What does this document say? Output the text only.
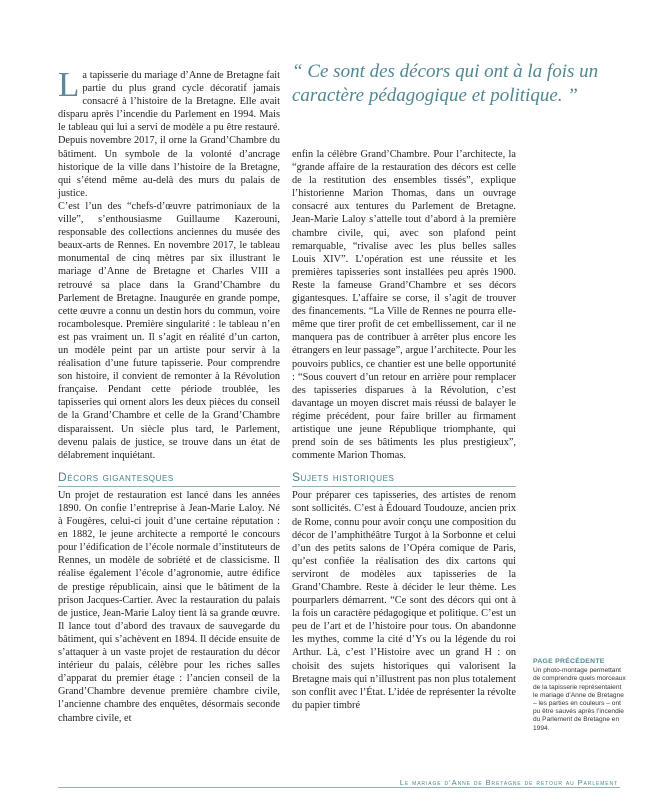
“ Ce sont des décors qui ont à la fois un caractère pédagogique et politique. ”

La tapisserie du mariage d’Anne de Bretagne fait partie du plus grand cycle décoratif jamais consacré à l’histoire de la Bretagne. Elle avait disparu après l’incendie du Parlement en 1994. Mais le tableau qui lui a servi de modèle a pu être restauré. Depuis novembre 2017, il orne la Grand’Chambre du bâtiment. Un symbole de la volonté d’ancrage historique de la ville dans l’histoire de la Bretagne, qui s’étend même au-delà des murs du palais de justice.

C’est l’un des “chefs-d’œuvre patrimoniaux de la ville”, s’enthousiasme Guillaume Kazerouni, responsable des collections anciennes du musée des beaux-arts de Rennes. En novembre 2017, le tableau monumental de cinq mètres par six illustrant le mariage d’Anne de Bretagne et Charles VIII a retrouvé sa place dans la Grand’Chambre du Parlement de Bretagne. Inaugurée en grande pompe, cette œuvre a connu un destin hors du commun, voire rocambolesque. Première singularité : le tableau n’en est pas vraiment un. Il s’agit en réalité d’un carton, un modèle peint par un artiste pour servir à la réalisation d’une future tapisserie. Pour comprendre son histoire, il convient de remonter à la Révolution française. Pendant cette période troublée, les tapisseries qui ornent alors les deux pièces du conseil de la Grand’Chambre et celle de la Grand’Chambre disparaissent. Un siècle plus tard, le Parlement, devenu palais de justice, se trouve dans un état de délabrement inquiétant.

Décors gigantesques

Un projet de restauration est lancé dans les années 1890. On confie l’entreprise à Jean-Marie Laloy. Né à Fougères, celui-ci jouit d’une certaine réputation : en 1882, le jeune architecte a remporté le concours pour l’édification de l’école normale d’instituteurs de Rennes, un modèle de sobriété et de classicisme. Il réalise également l’école d’agronomie, autre édifice de prestige républicain, ainsi que le bâtiment de la prison Jacques-Cartier. Avec la restauration du palais de justice, Jean-Marie Laloy tient là sa grande œuvre. Il lance tout d’abord des travaux de sauvegarde du bâtiment, qui s’achèvent en 1894. Il décide ensuite de s’attaquer à un vaste projet de restauration du décor intérieur du palais, célèbre pour les riches salles d’apparat du premier étage : l’ancien conseil de la Grand’Chambre devenue première chambre civile, l’ancienne chambre des enquêtes, désormais seconde chambre civile, et

enfin la célèbre Grand’Chambre. Pour l’architecte, la “grande affaire de la restauration des décors est celle de la restitution des ensembles tissés”, explique l’historienne Marion Thomas, dans un ouvrage consacré aux tentures du Parlement de Bretagne. Jean-Marie Laloy s’attelle tout d’abord à la première chambre civile, qui, avec son plafond peint remarquable, “rivalise avec les plus belles salles Louis XIV”. L’opération est une réussite et les premières tapisseries sont installées peu après 1900. Reste la fameuse Grand’Chambre et ses décors gigantesques. L’affaire se corse, il s’agit de trouver des financements. “La Ville de Rennes ne pourra elle-même que tirer profit de cet embellissement, car il ne manquera pas de contribuer à arrêter plus encore les étrangers en leur passage”, argue l’architecte. Pour les pouvoirs publics, ce chantier est une belle opportunité : “Sous couvert d’un retour en arrière pour remplacer des tapisseries disparues à la Révolution, c’est davantage un moyen discret mais réussi de balayer le régime précédent, pour faire briller au firmament artistique une jeune République triomphante, qui prend soin de ses bâtiments les plus prestigieux”, commente Marion Thomas.

Sujets historiques

Pour préparer ces tapisseries, des artistes de renom sont sollicités. C’est à Édouard Toudouze, ancien prix de Rome, connu pour avoir conçu une composition du décor de l’amphithéâtre Turgot à la Sorbonne et celui d’un des petits salons de l’Opéra comique de Paris, qu’est confiée la réalisation des dix cartons qui serviront de modèles aux tapisseries de la Grand’Chambre. Reste à décider le leur thème. Les pourparlers démarrent. “Ce sont des décors qui ont à la fois un caractère pédagogique et politique. C’est un peu de l’art et de l’histoire pour tous. On abandonne les mythes, comme la cité d’Ys ou la légende du roi Arthur. Là, c’est l’Histoire avec un grand H : on choisit des sujets historiques qui valorisent la Bretagne mais qui n’illustrent pas non plus totalement son conflit avec l’État. L’idée de représenter la révolte du papier timbré

PAGE PRÉCÉDENTE
Un photo-montage permettant de comprendre quels morceaux de la tapisserie représentaient le mariage d’Anne de Bretagne – les parties en couleurs – ont pu être sauvés après l’incendie du Parlement de Bretagne en 1994.
Le mariage d’Anne de Bretagne de retour au Parlement
